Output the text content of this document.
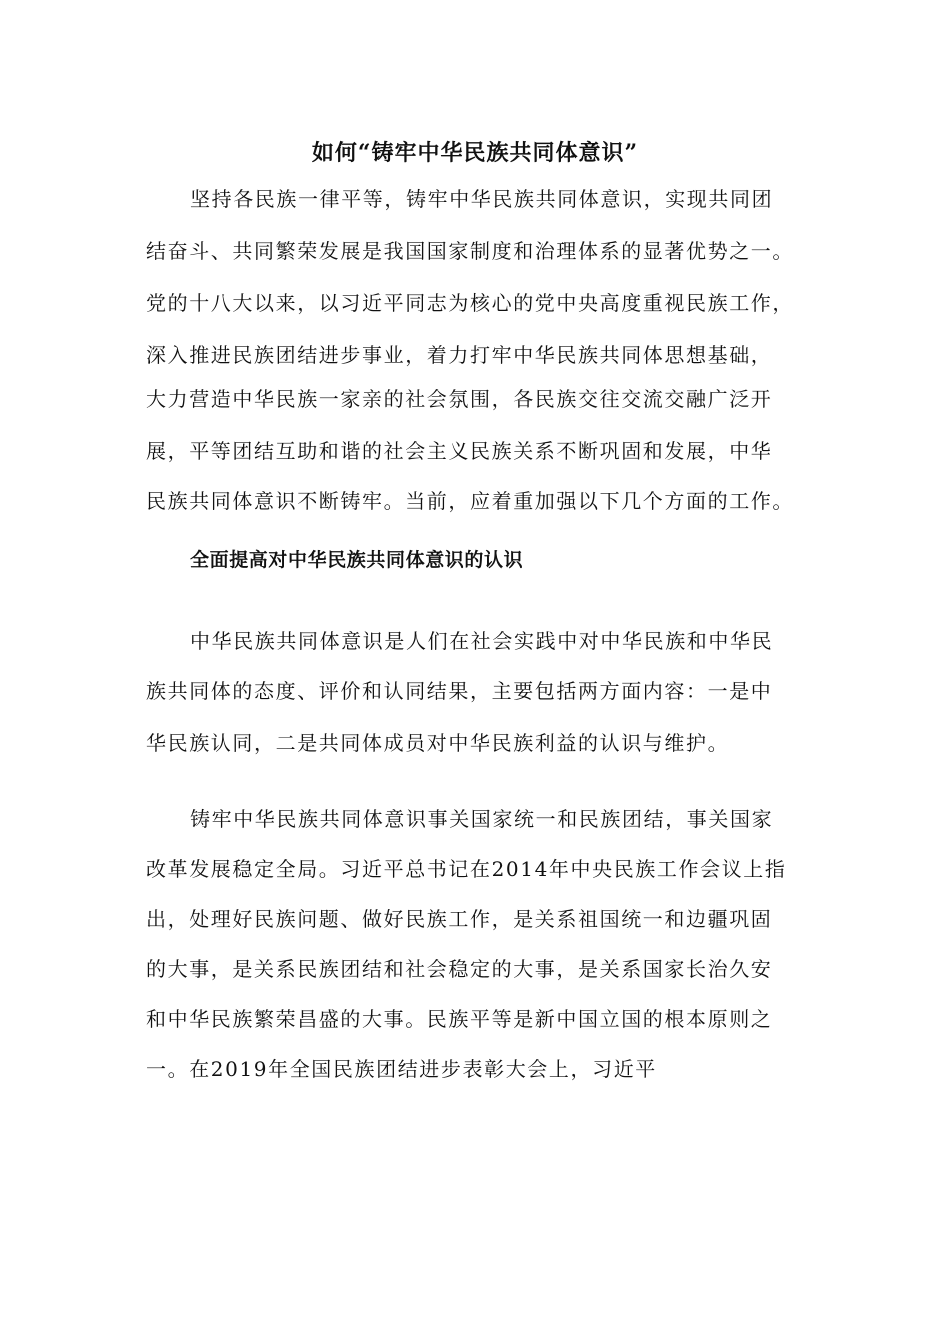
如何“铸牢中华民族共同体意识”
坚持各民族一律平等，铸牢中华民族共同体意识，实现共同团
结奋斗、共同繁荣发展是我国国家制度和治理体系的显著优势之一。
党的十八大以来，以习近平同志为核心的党中央高度重视民族工作，
深入推进民族团结进步事业，着力打牢中华民族共同体思想基础，
大力营造中华民族一家亲的社会氛围，各民族交往交流交融广泛开
展，平等团结互助和谐的社会主义民族关系不断巩固和发展，中华
民族共同体意识不断铸牢。当前，应着重加强以下几个方面的工作。
全面提高对中华民族共同体意识的认识
中华民族共同体意识是人们在社会实践中对中华民族和中华民
族共同体的态度、评价和认同结果，主要包括两方面内容：一是中
华民族认同，二是共同体成员对中华民族利益的认识与维护。
铸牢中华民族共同体意识事关国家统一和民族团结，事关国家
改革发展稳定全局。习近平总书记在2014年中央民族工作会议上指
出，处理好民族问题、做好民族工作，是关系祖国统一和边疆巩固
的大事，是关系民族团结和社会稳定的大事，是关系国家长治久安
和中华民族繁荣昌盛的大事。民族平等是新中国立国的根本原则之
一。在2019年全国民族团结进步表彰大会上，习近平
